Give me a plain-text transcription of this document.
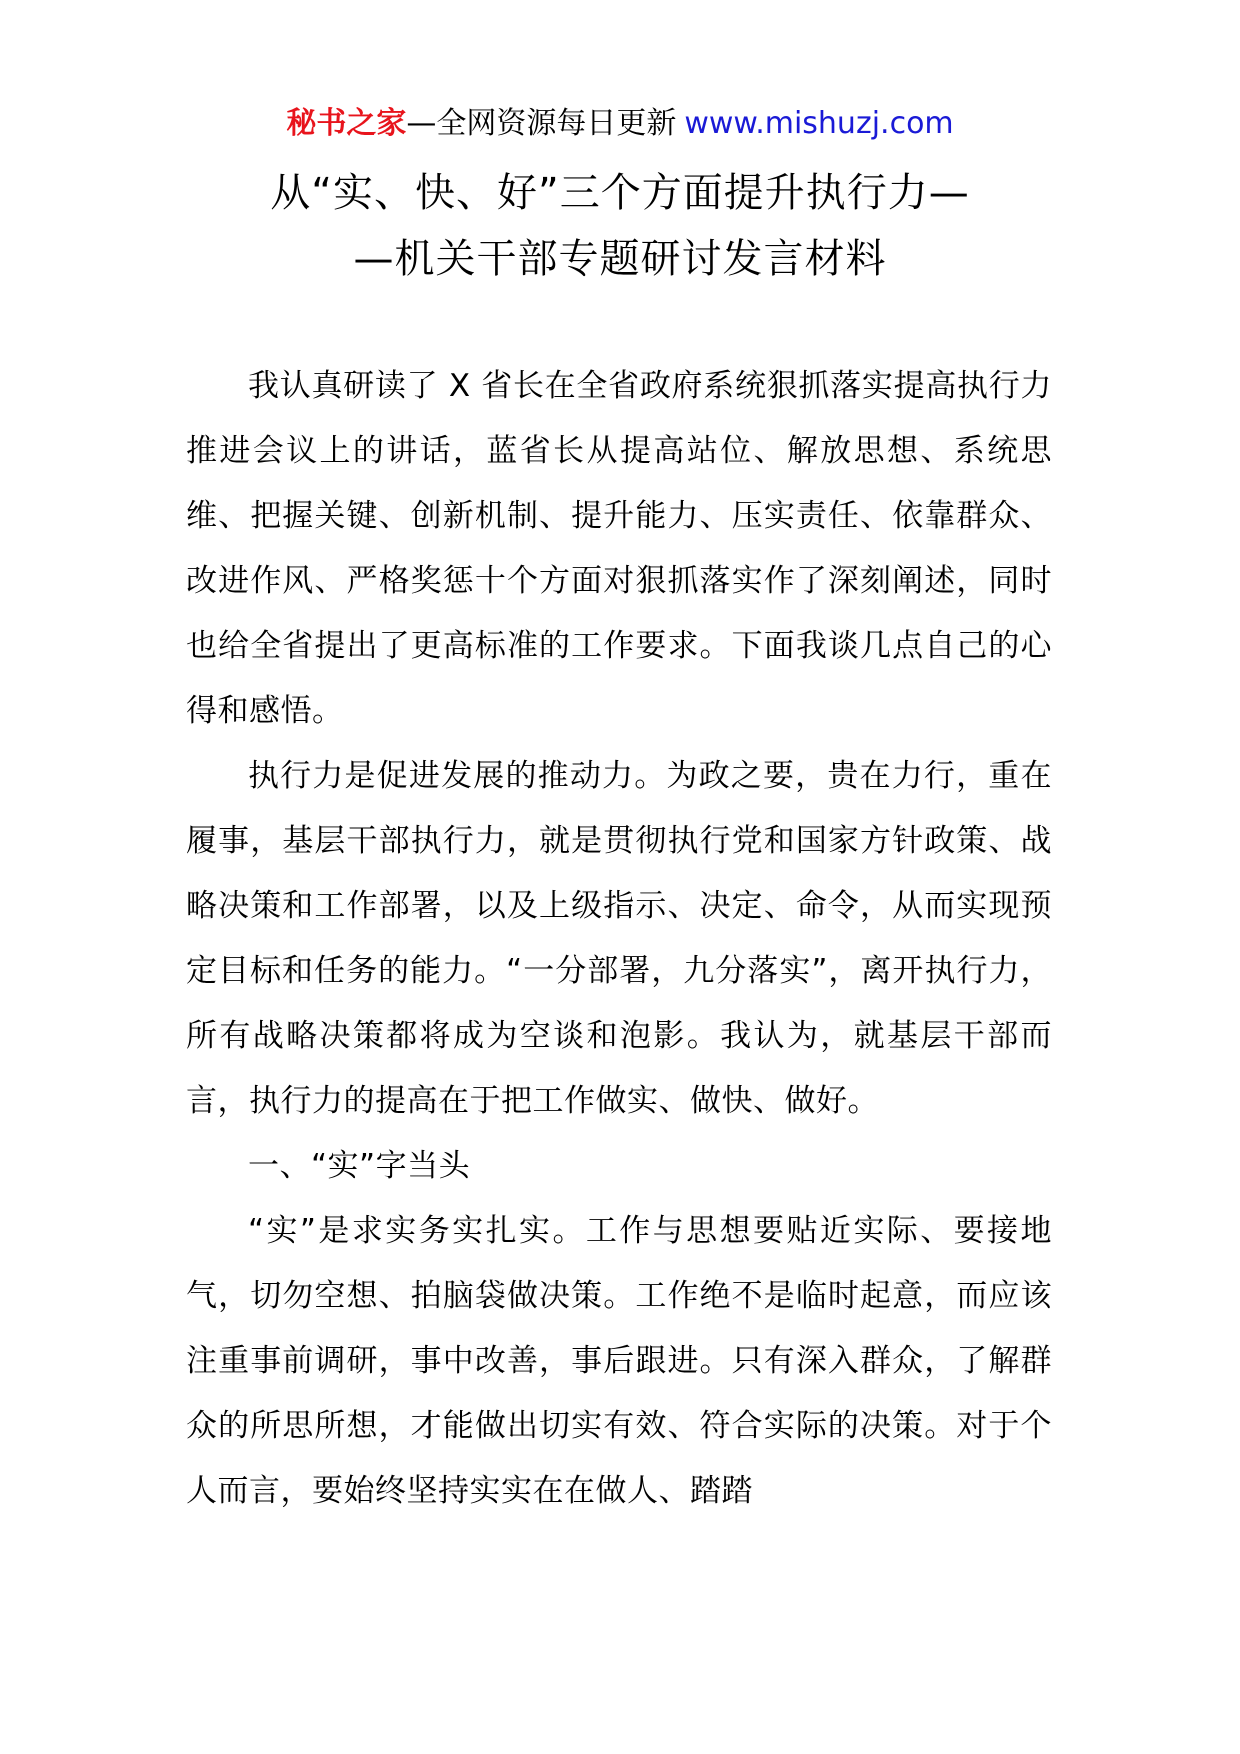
秘书之家—全网资源每日更新 www.mishuzj.com
从“实、快、好”三个方面提升执行力—
—机关干部专题研讨发言材料

我认真研读了 X 省长在全省政府系统狠抓落实提高执行力推进会议上的讲话，蓝省长从提高站位、解放思想、系统思维、把握关键、创新机制、提升能力、压实责任、依靠群众、改进作风、严格奖惩十个方面对狠抓落实作了深刻阐述，同时也给全省提出了更高标准的工作要求。下面我谈几点自己的心得和感悟。

执行力是促进发展的推动力。为政之要，贵在力行，重在履事，基层干部执行力，就是贯彻执行党和国家方针政策、战略决策和工作部署，以及上级指示、决定、命令，从而实现预定目标和任务的能力。“一分部署，九分落实”，离开执行力，所有战略决策都将成为空谈和泡影。我认为，就基层干部而言，执行力的提高在于把工作做实、做快、做好。

一、“实”字当头

“实”是求实务实扎实。工作与思想要贴近实际、要接地气，切勿空想、拍脑袋做决策。工作绝不是临时起意，而应该注重事前调研，事中改善，事后跟进。只有深入群众，了解群众的所思所想，才能做出切实有效、符合实际的决策。对于个人而言，要始终坚持实实在在做人、踏踏
